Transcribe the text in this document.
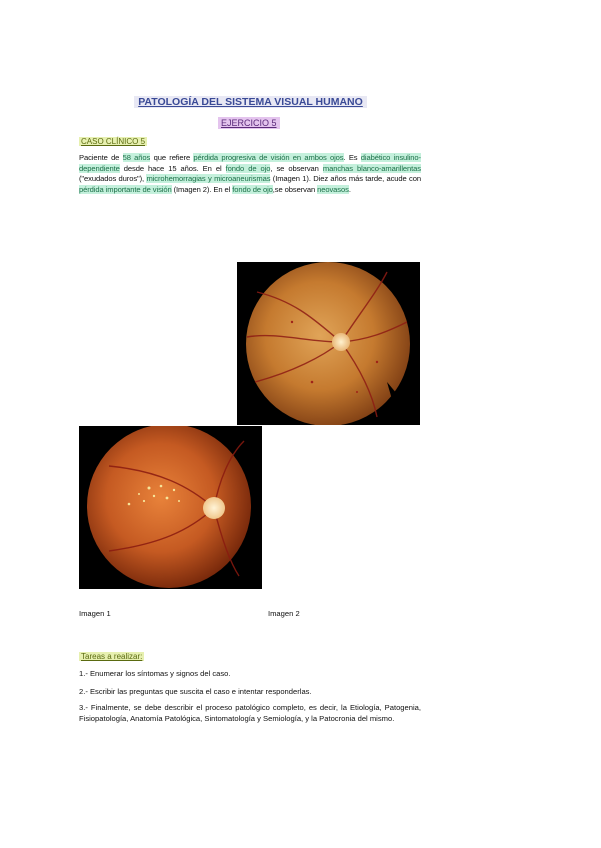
PATOLOGÍA DEL SISTEMA VISUAL HUMANO
EJERCICIO 5
CASO CLÍNICO 5

Paciente de 58 años que refiere pérdida progresiva de visión en ambos ojos. Es diabético insulino-dependiente desde hace 15 años. En el fondo de ojo, se observan manchas blanco-amarillentas ("exudados duros"), microhemorragias y microaneurismas (Imagen 1). Diez años más tarde, acude con pérdida importante de visión (Imagen 2). En el fondo de ojo,se observan neovasos.

Imagen 1	Imagen 2
Tareas a realizar:

1.- Enumerar los síntomas y signos del caso.

2.- Escribir las preguntas que suscita el caso e intentar responderlas.

3.- Finalmente, se debe describir el proceso patológico completo, es decir, la Etiología, Patogenia, Fisiopatología, Anatomía Patológica, Sintomatología y Semiología, y la Patocronia del mismo.
